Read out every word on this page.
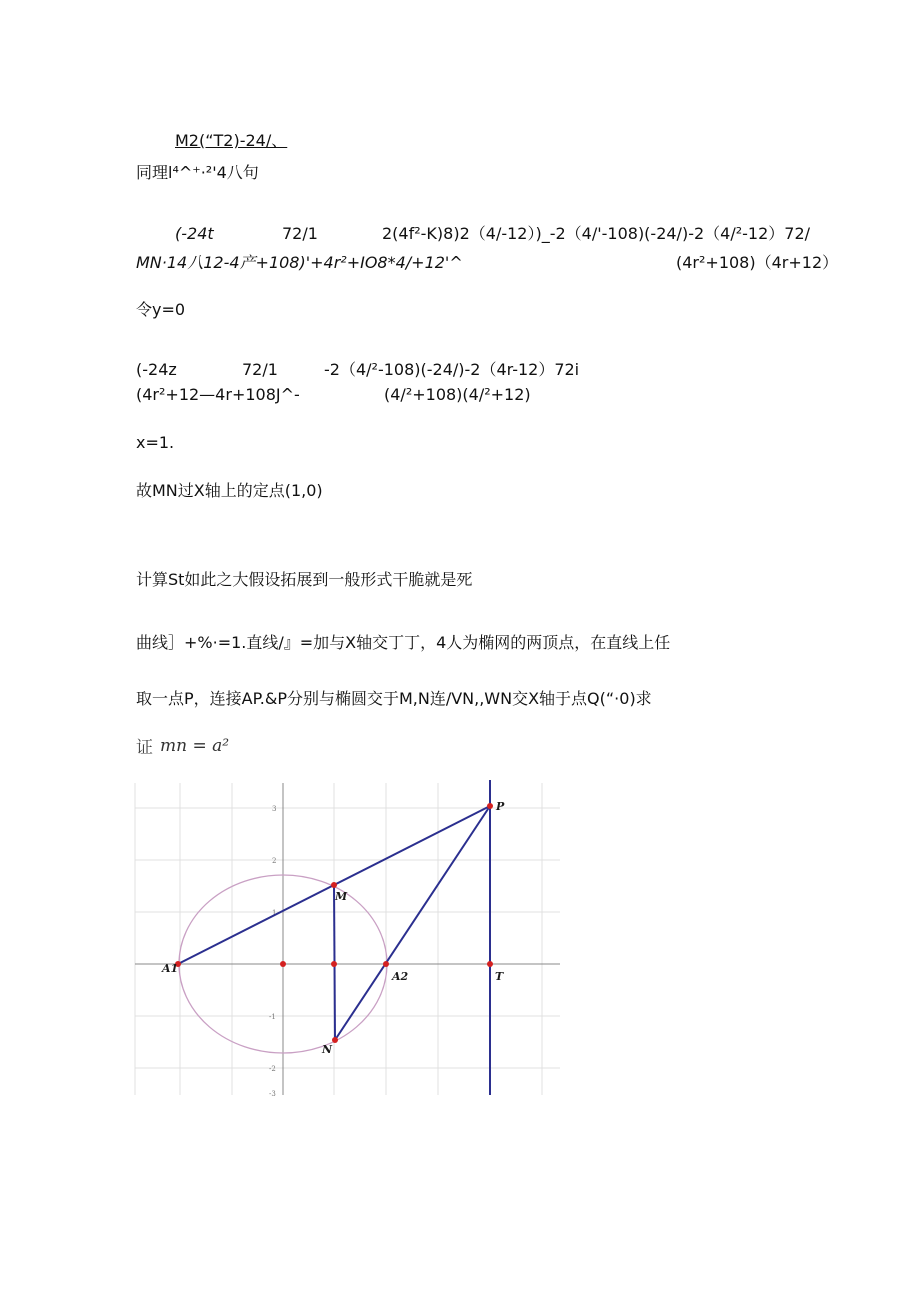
M2(“T2)-24/、
同理l⁴^⁺·²'4八句
(-24t	72/1	2(4f²-K)8)2（4/-12）)_-2（4/'-108)(-24/)-2（4/²-12）72/
MN·14八12-4产+108)'+4r²+IO8*4/+12'^	(4r²+108)（4r+12）
令y=0
(-24z	72/1	-2（4/²-108)(-24/)-2（4r-12）72i
(4r²+12—4r+108J^-	(4/²+108)(4/²+12)
x=1.
故MN过X轴上的定点(1,0)
计算St如此之大假设拓展到一般形式干脆就是死
曲线］+%·=1.直线/』=加与X轴交丁丁，4人为椭网的两顶点，在直线上任
取一点P，连接AP.&P分别与椭圆交于M,N连/VN,,WN交X轴于点Q(“·0)求
证 mn = a²
3
2
1
-1
-2
-3
P
M
N
A1
A2	T
